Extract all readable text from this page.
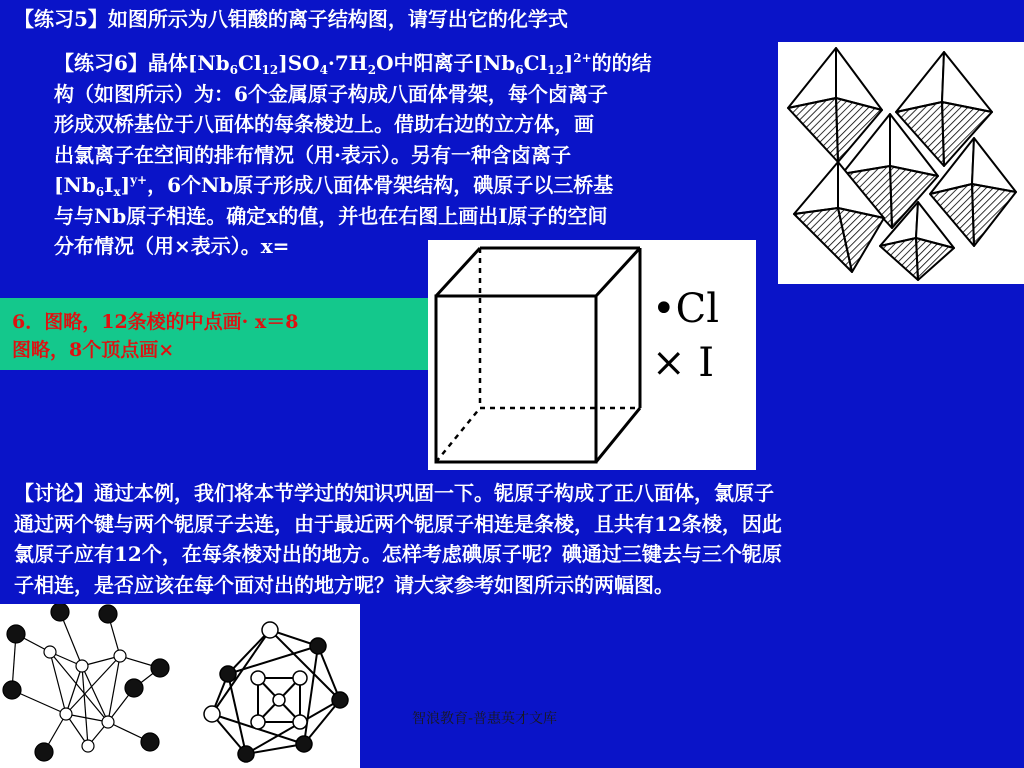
【练习5】如图所示为八钼酸的离子结构图，请写出它的化学式
【练习6】晶体$[Nb_6Cl_{12}]SO_4\cdot 7H_2O$中阳离子$[Nb_6Cl_{12}]^{2+}$的的结
构（如图所示）为：6个金属原子构成八面体骨架，每个卤离子
形成双桥基位于八面体的每条棱边上。借助右边的立方体，画
出氯离子在空间的排布情况（用·表示）。另有一种含卤离子
$[Nb_6I_x]^{y+}$，6个Nb原子形成八面体骨架结构，碘原子以三桥基
与与Nb原子相连。确定x的值，并也在右图上画出I原子的空间
分布情况（用×表示）。x=
•Cl
× I
6．图略，12条棱的中点画· x＝8
图略，8个顶点画×
【讨论】通过本例，我们将本节学过的知识巩固一下。铌原子构成了正八面体，氯原子
通过两个键与两个铌原子去连，由于最近两个铌原子相连是条棱，且共有12条棱，因此
氯原子应有12个，在每条棱对出的地方。怎样考虑碘原子呢？碘通过三键去与三个铌原
子相连，是否应该在每个面对出的地方呢？请大家参考如图所示的两幅图。
智浪教育-普惠英才文库
